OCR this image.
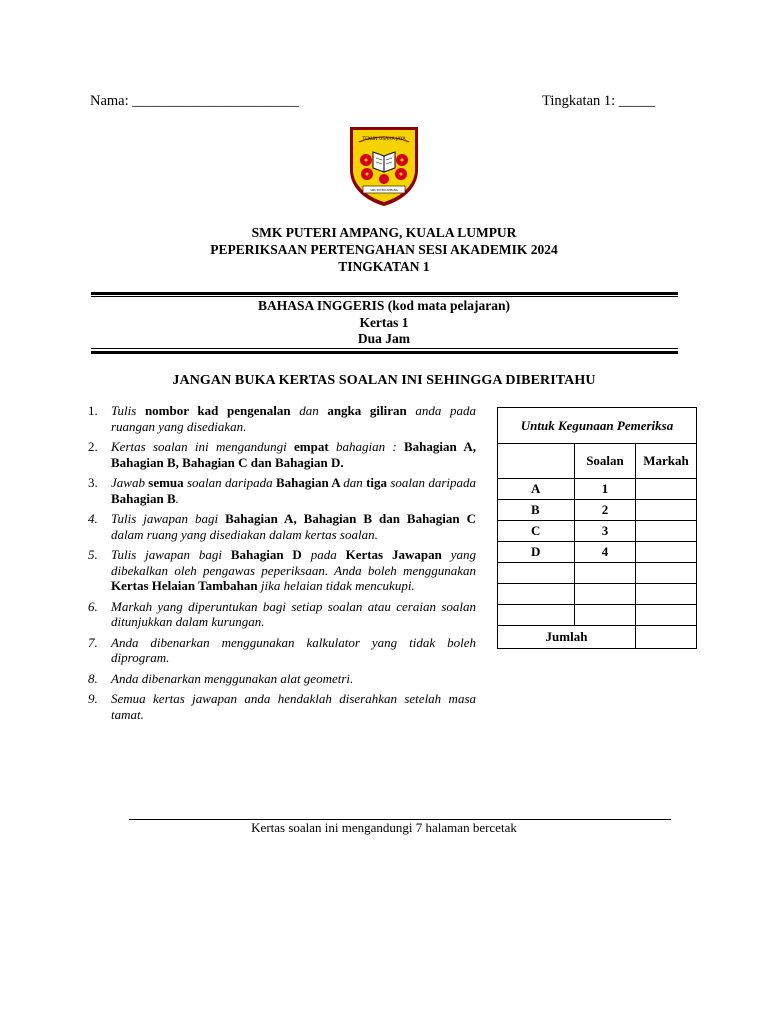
Nama: _______________________	Tingkatan 1: _____
TEKUN USAHA JAYA
SMK PUTERI AMPANG
SMK PUTERI AMPANG, KUALA LUMPUR
PEPERIKSAAN PERTENGAHAN SESI AKADEMIK 2024
TINGKATAN 1
BAHASA INGGERIS (kod mata pelajaran)
Kertas 1
Dua Jam
JANGAN BUKA KERTAS SOALAN INI SEHINGGA DIBERITAHU
1. Tulis nombor kad pengenalan dan angka giliran anda pada ruangan yang disediakan.
2. Kertas soalan ini mengandungi empat bahagian : Bahagian A, Bahagian B, Bahagian C dan Bahagian D.
3. Jawab semua soalan daripada Bahagian A dan tiga soalan daripada Bahagian B.
4. Tulis jawapan bagi Bahagian A, Bahagian B dan Bahagian C dalam ruang yang disediakan dalam kertas soalan.
5. Tulis jawapan bagi Bahagian D pada Kertas Jawapan yang dibekalkan oleh pengawas peperiksaan. Anda boleh menggunakan Kertas Helaian Tambahan jika helaian tidak mencukupi.
6. Markah yang diperuntukan bagi setiap soalan atau ceraian soalan ditunjukkan dalam kurungan.
7. Anda dibenarkan menggunakan kalkulator yang tidak boleh diprogram.
8. Anda dibenarkan menggunakan alat geometri.
9. Semua kertas jawapan anda hendaklah diserahkan setelah masa tamat.
Untuk Kegunaan Pemeriksa		
	Soalan	Markah
A	1	
B	2	
C	3	
D	4	

Jumlah		
Kertas soalan ini mengandungi 7 halaman bercetak
